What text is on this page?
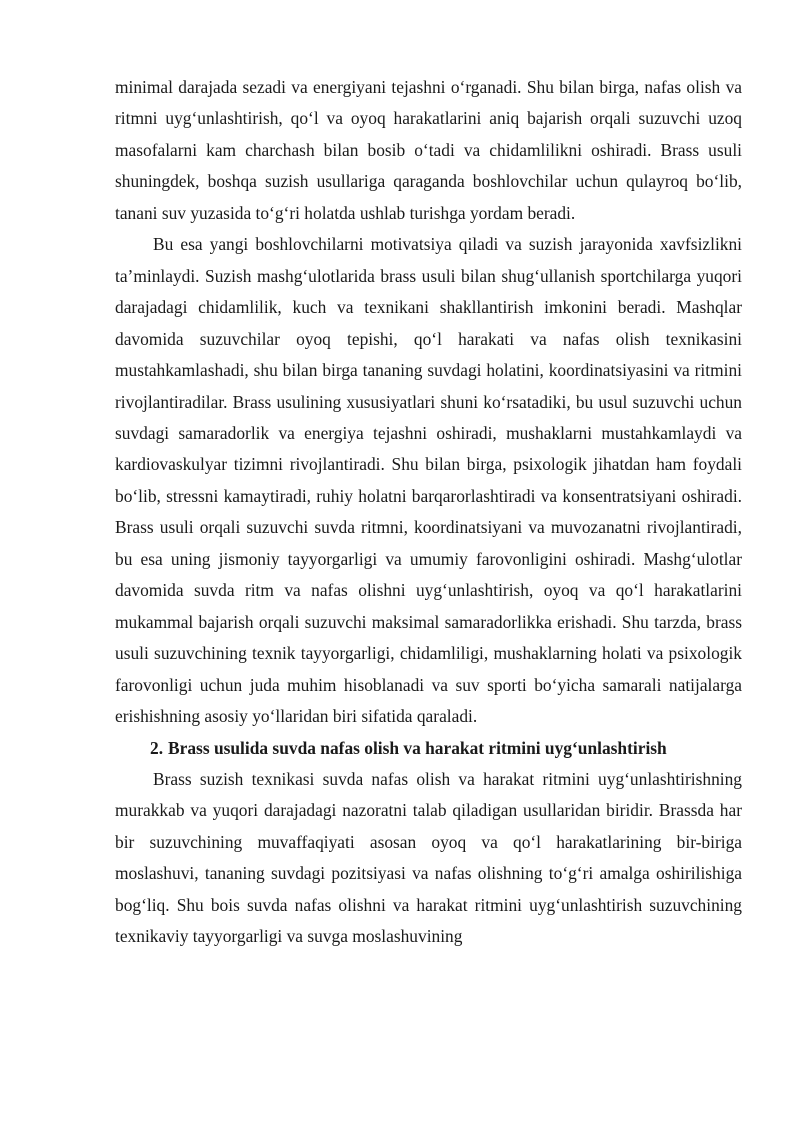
minimal darajada sezadi va energiyani tejashni o‘rganadi. Shu bilan birga, nafas olish va ritmni uyg‘unlashtirish, qo‘l va oyoq harakatlarini aniq bajarish orqali suzuvchi uzoq masofalarni kam charchash bilan bosib o‘tadi va chidamlilikni oshiradi. Brass usuli shuningdek, boshqa suzish usullariga qaraganda boshlovchilar uchun qulayroq bo‘lib, tanani suv yuzasida to‘g‘ri holatda ushlab turishga yordam beradi.

Bu esa yangi boshlovchilarni motivatsiya qiladi va suzish jarayonida xavfsizlikni ta’minlaydi. Suzish mashg‘ulotlarida brass usuli bilan shug‘ullanish sportchilarga yuqori darajadagi chidamlilik, kuch va texnikani shakllantirish imkonini beradi. Mashqlar davomida suzuvchilar oyoq tepishi, qo‘l harakati va nafas olish texnikasini mustahkamlashadi, shu bilan birga tananing suvdagi holatini, koordinatsiyasini va ritmini rivojlantiradilar. Brass usulining xususiyatlari shuni ko‘rsatadiki, bu usul suzuvchi uchun suvdagi samaradorlik va energiya tejashni oshiradi, mushaklarni mustahkamlaydi va kardiovaskulyar tizimni rivojlantiradi. Shu bilan birga, psixologik jihatdan ham foydali bo‘lib, stressni kamaytiradi, ruhiy holatni barqarorlashtiradi va konsentratsiyani oshiradi. Brass usuli orqali suzuvchi suvda ritmni, koordinatsiyani va muvozanatni rivojlantiradi, bu esa uning jismoniy tayyorgarligi va umumiy farovonligini oshiradi. Mashg‘ulotlar davomida suvda ritm va nafas olishni uyg‘unlashtirish, oyoq va qo‘l harakatlarini mukammal bajarish orqali suzuvchi maksimal samaradorlikka erishadi. Shu tarzda, brass usuli suzuvchining texnik tayyorgarligi, chidamliligi, mushaklarning holati va psixologik farovonligi uchun juda muhim hisoblanadi va suv sporti bo‘yicha samarali natijalarga erishishning asosiy yo‘llaridan biri sifatida qaraladi.

2. Brass usulida suvda nafas olish va harakat ritmini uyg‘unlashtirish

Brass suzish texnikasi suvda nafas olish va harakat ritmini uyg‘unlashtirishning murakkab va yuqori darajadagi nazoratni talab qiladigan usullaridan biridir. Brassda har bir suzuvchining muvaffaqiyati asosan oyoq va qo‘l harakatlarining bir-biriga moslashuvi, tananing suvdagi pozitsiyasi va nafas olishning to‘g‘ri amalga oshirilishiga bog‘liq. Shu bois suvda nafas olishni va harakat ritmini uyg‘unlashtirish suzuvchining texnikaviy tayyorgarligi va suvga moslashuvining
